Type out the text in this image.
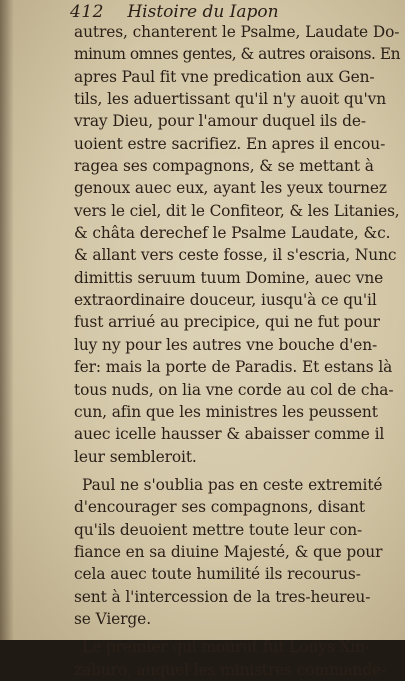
412 Histoire du Iapon
autres, chanterent le Psalme, Laudate Do-
minum omnes gentes, & autres oraisons. En
apres Paul fit vne predication aux Gen-
tils, les aduertissant qu'il n'y auoit qu'vn
vray Dieu, pour l'amour duquel ils de-
uoient estre sacrifiez. En apres il encou-
ragea ses compagnons, & se mettant à
genoux auec eux, ayant les yeux tournez
vers le ciel, dit le Confiteor, & les Litanies,
& châta derechef le Psalme Laudate, &c.
& allant vers ceste fosse, il s'escria, Nunc
dimittis seruum tuum Domine, auec vne
extraordinaire douceur, iusqu'à ce qu'il
fust arriué au precipice, qui ne fut pour
luy ny pour les autres vne bouche d'en-
fer: mais la porte de Paradis. Et estans là
tous nuds, on lia vne corde au col de cha-
cun, afin que les ministres les peussent
auec icelle hausser & abaisser comme il
leur sembleroit.
Paul ne s'oublia pas en ceste extremité
d'encourager ses compagnons, disant
qu'ils deuoient mettre toute leur con-
fiance en sa diuine Majesté, & que pour
cela auec toute humilité ils recourus-
sent à l'intercession de la tres-heureu-
se Vierge.
Le premier qui mourut fut Louys Xin-
zaburo, auquel les ministres commande-
